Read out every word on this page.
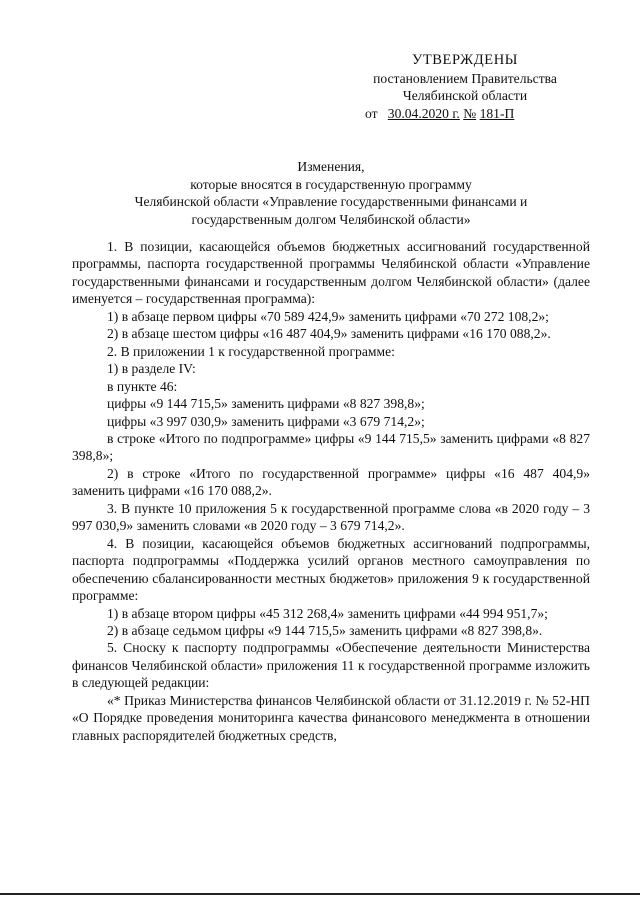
УТВЕРЖДЕНЫ
постановлением Правительства
Челябинской области
от 30.04.2020 г. № 181-П
Изменения,
которые вносятся в государственную программу
Челябинской области «Управление государственными финансами и
государственным долгом Челябинской области»

1. В позиции, касающейся объемов бюджетных ассигнований государственной программы, паспорта государственной программы Челябинской области «Управление государственными финансами и государственным долгом Челябинской области» (далее именуется – государственная программа):

1) в абзаце первом цифры «70 589 424,9» заменить цифрами «70 272 108,2»;

2) в абзаце шестом цифры «16 487 404,9» заменить цифрами «16 170 088,2».

2. В приложении 1 к государственной программе:

1) в разделе IV:

в пункте 46:

цифры «9 144 715,5» заменить цифрами «8 827 398,8»;

цифры «3 997 030,9» заменить цифрами «3 679 714,2»;

в строке «Итого по подпрограмме» цифры «9 144 715,5» заменить цифрами «8 827 398,8»;

2) в строке «Итого по государственной программе» цифры «16 487 404,9» заменить цифрами «16 170 088,2».

3. В пункте 10 приложения 5 к государственной программе слова «в 2020 году – 3 997 030,9» заменить словами «в 2020 году – 3 679 714,2».

4. В позиции, касающейся объемов бюджетных ассигнований подпрограммы, паспорта подпрограммы «Поддержка усилий органов местного самоуправления по обеспечению сбалансированности местных бюджетов» приложения 9 к государственной программе:

1) в абзаце втором цифры «45 312 268,4» заменить цифрами «44 994 951,7»;

2) в абзаце седьмом цифры «9 144 715,5» заменить цифрами «8 827 398,8».

5. Сноску к паспорту подпрограммы «Обеспечение деятельности Министерства финансов Челябинской области» приложения 11 к государственной программе изложить в следующей редакции:

«* Приказ Министерства финансов Челябинской области от 31.12.2019 г. № 52-НП «О Порядке проведения мониторинга качества финансового менеджмента в отношении главных распорядителей бюджетных средств,
